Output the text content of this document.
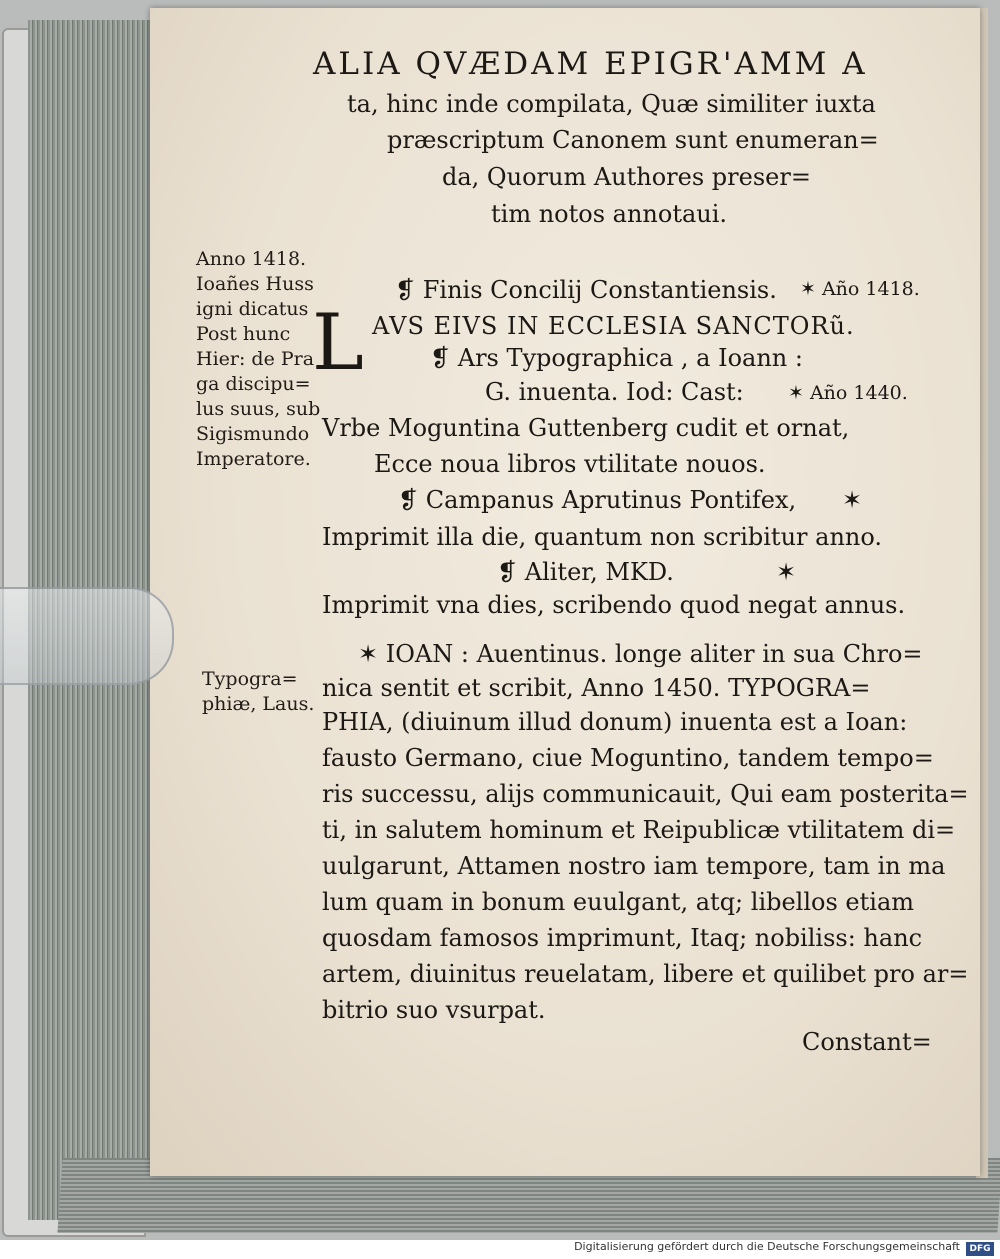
ALIA QVÆDAM EPIGR'AMM A
ta, hinc inde compilata, Quæ similiter iuxta
præscriptum Canonem sunt enumeran=
da, Quorum Authores preser=
tim notos annotaui.
Anno 1418.
Ioañes Huss
igni dicatus
Post hunc
Hier: de Pra
ga discipu=
lus suus, sub
Sigismundo
Imperatore.
❡ Finis Concilij Constantiensis. ✶ Año 1418.
L AVS EIVS IN ECCLESIA SANCTORũ.
❡ Ars Typographica , a Ioann :
G. inuenta. Iod: Cast: ✶ Año 1440.
Vrbe Moguntina Guttenberg cudit et ornat,
Ecce noua libros vtilitate nouos.
❡ Campanus Aprutinus Pontifex, ✶
Imprimit illa die, quantum non scribitur anno.
❡ Aliter, MKD.	✶
Imprimit vna dies, scribendo quod negat annus.
Typogra=
phiæ, Laus.
✶ IOAN : Auentinus. longe aliter in sua Chro=
nica sentit et scribit, Anno 1450. TYPOGRA=
PHIA, (diuinum illud donum) inuenta est a Ioan:
fausto Germano, ciue Moguntino, tandem tempo=
ris successu, alijs communicauit, Qui eam posterita=
ti, in salutem hominum et Reipublicæ vtilitatem di=
uulgarunt, Attamen nostro iam tempore, tam in ma
lum quam in bonum euulgant, atq; libellos etiam
quosdam famosos imprimunt, Itaq; nobiliss: hanc
artem, diuinitus reuelatam, libere et quilibet pro ar=
bitrio suo vsurpat.
Constant=
Digitalisierung gefördert durch die Deutsche Forschungsgemeinschaft	DFG
